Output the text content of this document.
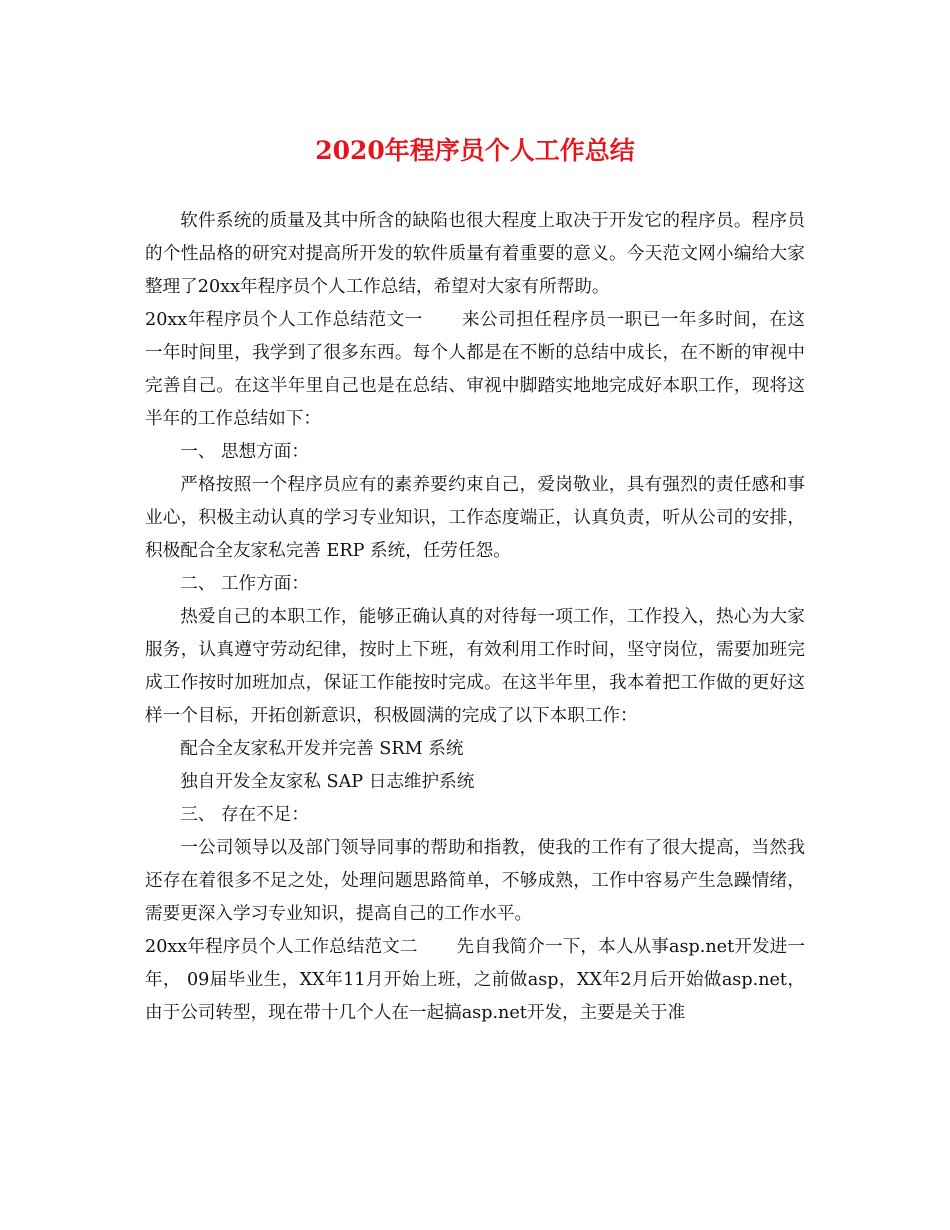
2020年程序员个人工作总结

软件系统的质量及其中所含的缺陷也很大程度上取决于开发它的程序员。程序员的个性品格的研究对提高所开发的软件质量有着重要的意义。今天范文网小编给大家整理了20xx年程序员个人工作总结，希望对大家有所帮助。

20xx年程序员个人工作总结范文一 来公司担任程序员一职已一年多时间，在这一年时间里，我学到了很多东西。每个人都是在不断的总结中成长，在不断的审视中完善自己。在这半年里自己也是在总结、审视中脚踏实地地完成好本职工作，现将这半年的工作总结如下：

一、 思想方面：

严格按照一个程序员应有的素养要约束自己，爱岗敬业，具有强烈的责任感和事业心，积极主动认真的学习专业知识，工作态度端正，认真负责，听从公司的安排，积极配合全友家私完善 ERP 系统，任劳任怨。

二、 工作方面：

热爱自己的本职工作，能够正确认真的对待每一项工作，工作投入，热心为大家服务，认真遵守劳动纪律，按时上下班，有效利用工作时间，坚守岗位，需要加班完成工作按时加班加点，保证工作能按时完成。在这半年里，我本着把工作做的更好这样一个目标，开拓创新意识，积极圆满的完成了以下本职工作：

配合全友家私开发并完善 SRM 系统

独自开发全友家私 SAP 日志维护系统

三、 存在不足：

一公司领导以及部门领导同事的帮助和指教，使我的工作有了很大提高，当然我还存在着很多不足之处，处理问题思路简单，不够成熟，工作中容易产生急躁情绪，需要更深入学习专业知识，提高自己的工作水平。

20xx年程序员个人工作总结范文二 先自我简介一下，本人从事asp.net开发进一年， 09届毕业生，XX年11月开始上班，之前做asp，XX年2月后开始做asp.net，由于公司转型，现在带十几个人在一起搞asp.net开发，主要是关于准
